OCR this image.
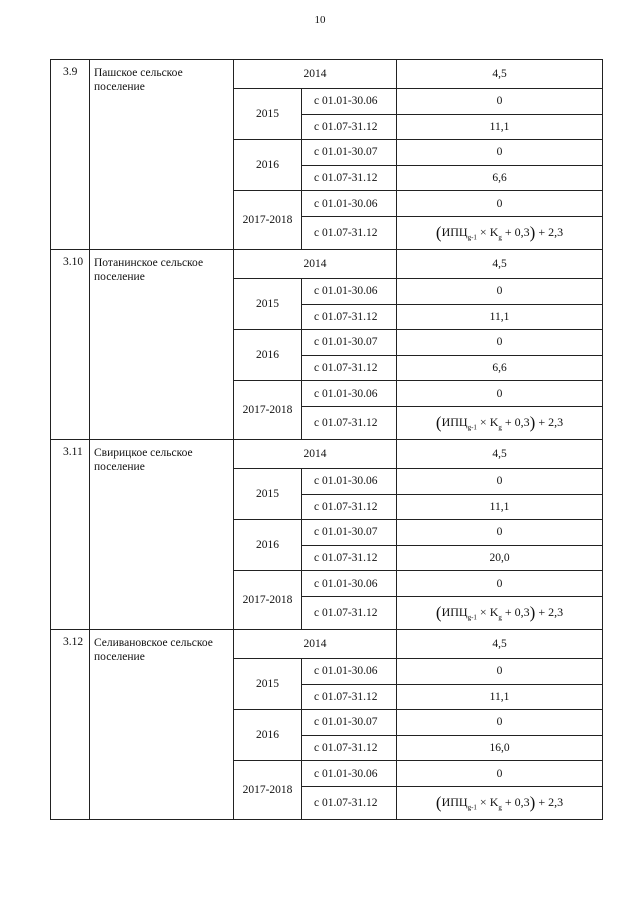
10
3.9	Пашское сельское поселение	2014		4,5
		2015	с 01.01-30.06	0
			с 01.07-31.12	11,1
		2016	с 01.01-30.07	0
			с 01.07-31.12	6,6
		2017-2018	с 01.01-30.06	0
			с 01.07-31.12	$(ИПЦ_{g-1} \times K_g + 0,3) + 2,3$
3.10	Потанинское сельское поселение	2014		4,5
		2015	с 01.01-30.06	0
			с 01.07-31.12	11,1
		2016	с 01.01-30.07	0
			с 01.07-31.12	6,6
		2017-2018	с 01.01-30.06	0
			с 01.07-31.12	$(ИПЦ_{g-1} \times K_g + 0,3) + 2,3$
3.11	Свирицкое сельское поселение	2014		4,5
		2015	с 01.01-30.06	0
			с 01.07-31.12	11,1
		2016	с 01.01-30.07	0
			с 01.07-31.12	20,0
		2017-2018	с 01.01-30.06	0
			с 01.07-31.12	$(ИПЦ_{g-1} \times K_g + 0,3) + 2,3$
3.12	Селивановское сельское поселение	2014		4,5
		2015	с 01.01-30.06	0
			с 01.07-31.12	11,1
		2016	с 01.01-30.07	0
			с 01.07-31.12	16,0
		2017-2018	с 01.01-30.06	0
			с 01.07-31.12	$(ИПЦ_{g-1} \times K_g + 0,3) + 2,3$
